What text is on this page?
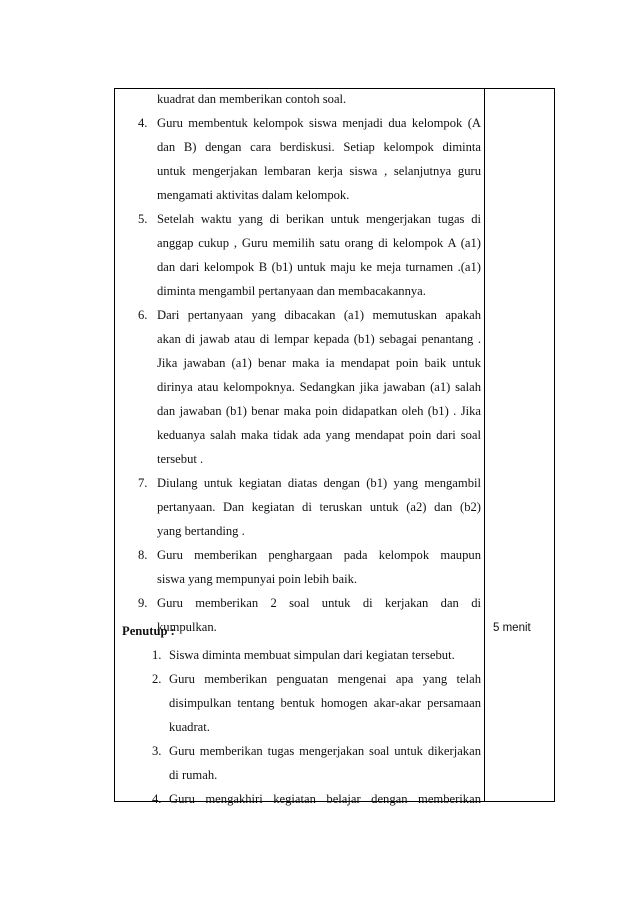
kuadrat dan memberikan contoh soal.
4. Guru membentuk kelompok siswa menjadi dua kelompok (A
dan B) dengan cara berdiskusi. Setiap kelompok diminta
untuk mengerjakan lembaran kerja siswa , selanjutnya guru
mengamati aktivitas dalam kelompok.
5. Setelah waktu yang di berikan untuk mengerjakan tugas di
anggap cukup , Guru memilih satu orang di kelompok A (a1)
dan dari kelompok B (b1) untuk maju ke meja turnamen .(a1)
diminta mengambil pertanyaan dan membacakannya.
6. Dari pertanyaan yang dibacakan (a1) memutuskan apakah
akan di jawab atau di lempar kepada (b1) sebagai penantang .
Jika jawaban (a1) benar maka ia mendapat poin baik untuk
dirinya atau kelompoknya. Sedangkan jika jawaban (a1) salah
dan jawaban (b1) benar maka poin didapatkan oleh (b1) . Jika
keduanya salah maka tidak ada yang mendapat poin dari soal
tersebut .
7. Diulang untuk kegiatan diatas dengan (b1) yang mengambil
pertanyaan. Dan kegiatan di teruskan untuk (a2) dan (b2)
yang bertanding .
8. Guru memberikan penghargaan pada kelompok maupun
siswa yang mempunyai poin lebih baik.
9. Guru memberikan 2 soal untuk di kerjakan dan di
kumpulkan.
Penutup :
1. Siswa diminta membuat simpulan dari kegiatan tersebut.
2. Guru memberikan penguatan mengenai apa yang telah
disimpulkan tentang bentuk homogen akar-akar persamaan
kuadrat.
3. Guru memberikan tugas mengerjakan soal untuk dikerjakan
di rumah.
4. Guru mengakhiri kegiatan belajar dengan memberikan
5 menit
